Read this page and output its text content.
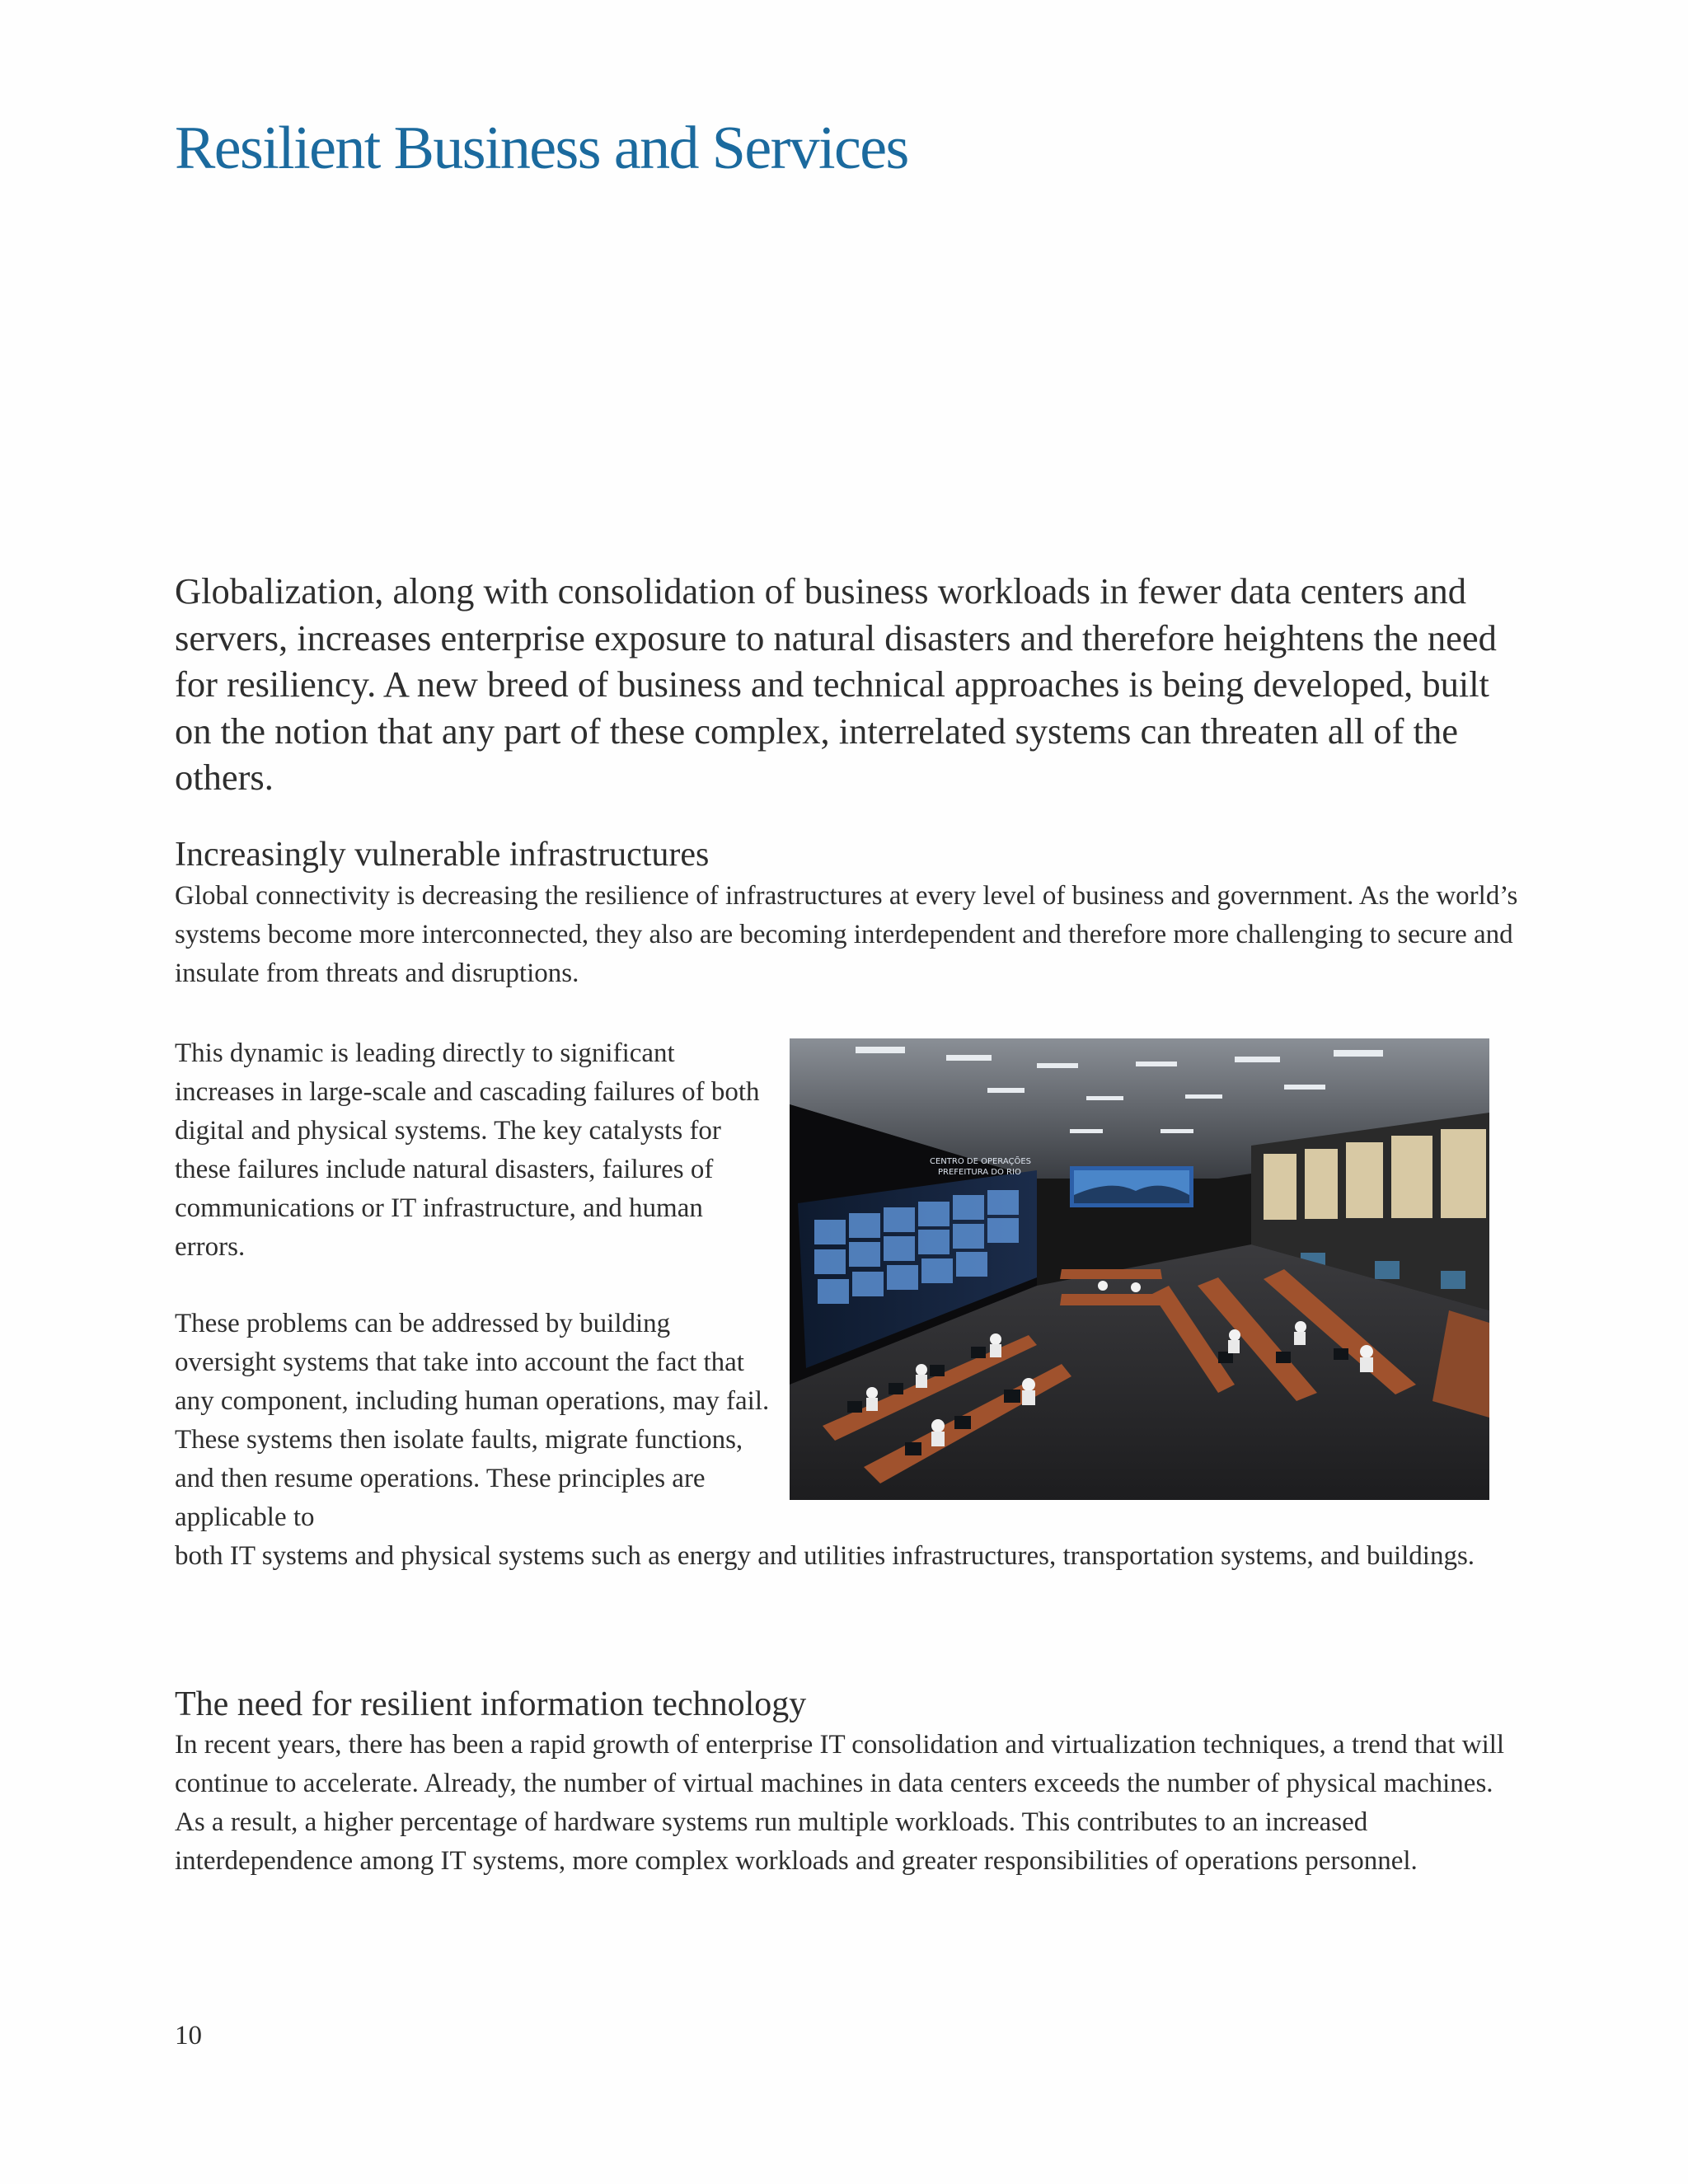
Resilient Business and Services

Globalization, along with consolidation of business workloads in fewer data centers and servers, increases enterprise exposure to natural disasters and therefore heightens the need for resiliency. A new breed of business and technical approaches is being developed, built on the notion that any part of these complex, interrelated systems can threaten all of the others.

Increasingly vulnerable infrastructures

Global connectivity is decreasing the resilience of infrastructures at every level of business and government. As the world’s systems become more interconnected, they also are becoming interdependent and therefore more challenging to secure and insulate from threats and disruptions.

This dynamic is leading directly to significant increases in large-scale and cascading failures of both digital and physical systems. The key catalysts for these failures include natural disasters, failures of communications or IT infrastructure, and human errors.

These problems can be addressed by building oversight systems that take into account the fact that any component, including human operations, may fail. These systems then isolate faults, migrate functions, and then resume operations. These principles are applicable to

both IT systems and physical systems such as energy and utilities infrastructures, transportation systems, and buildings.

CENTRO DE OPERAÇÕES
PREFEITURA DO RIO
The need for resilient information technology

In recent years, there has been a rapid growth of enterprise IT consolidation and virtualization techniques, a trend that will continue to accelerate. Already, the number of virtual machines in data centers exceeds the number of physical machines. As a result, a higher percentage of hardware systems run multiple workloads. This contributes to an increased interdependence among IT systems, more complex workloads and greater responsibilities of operations personnel.

10
